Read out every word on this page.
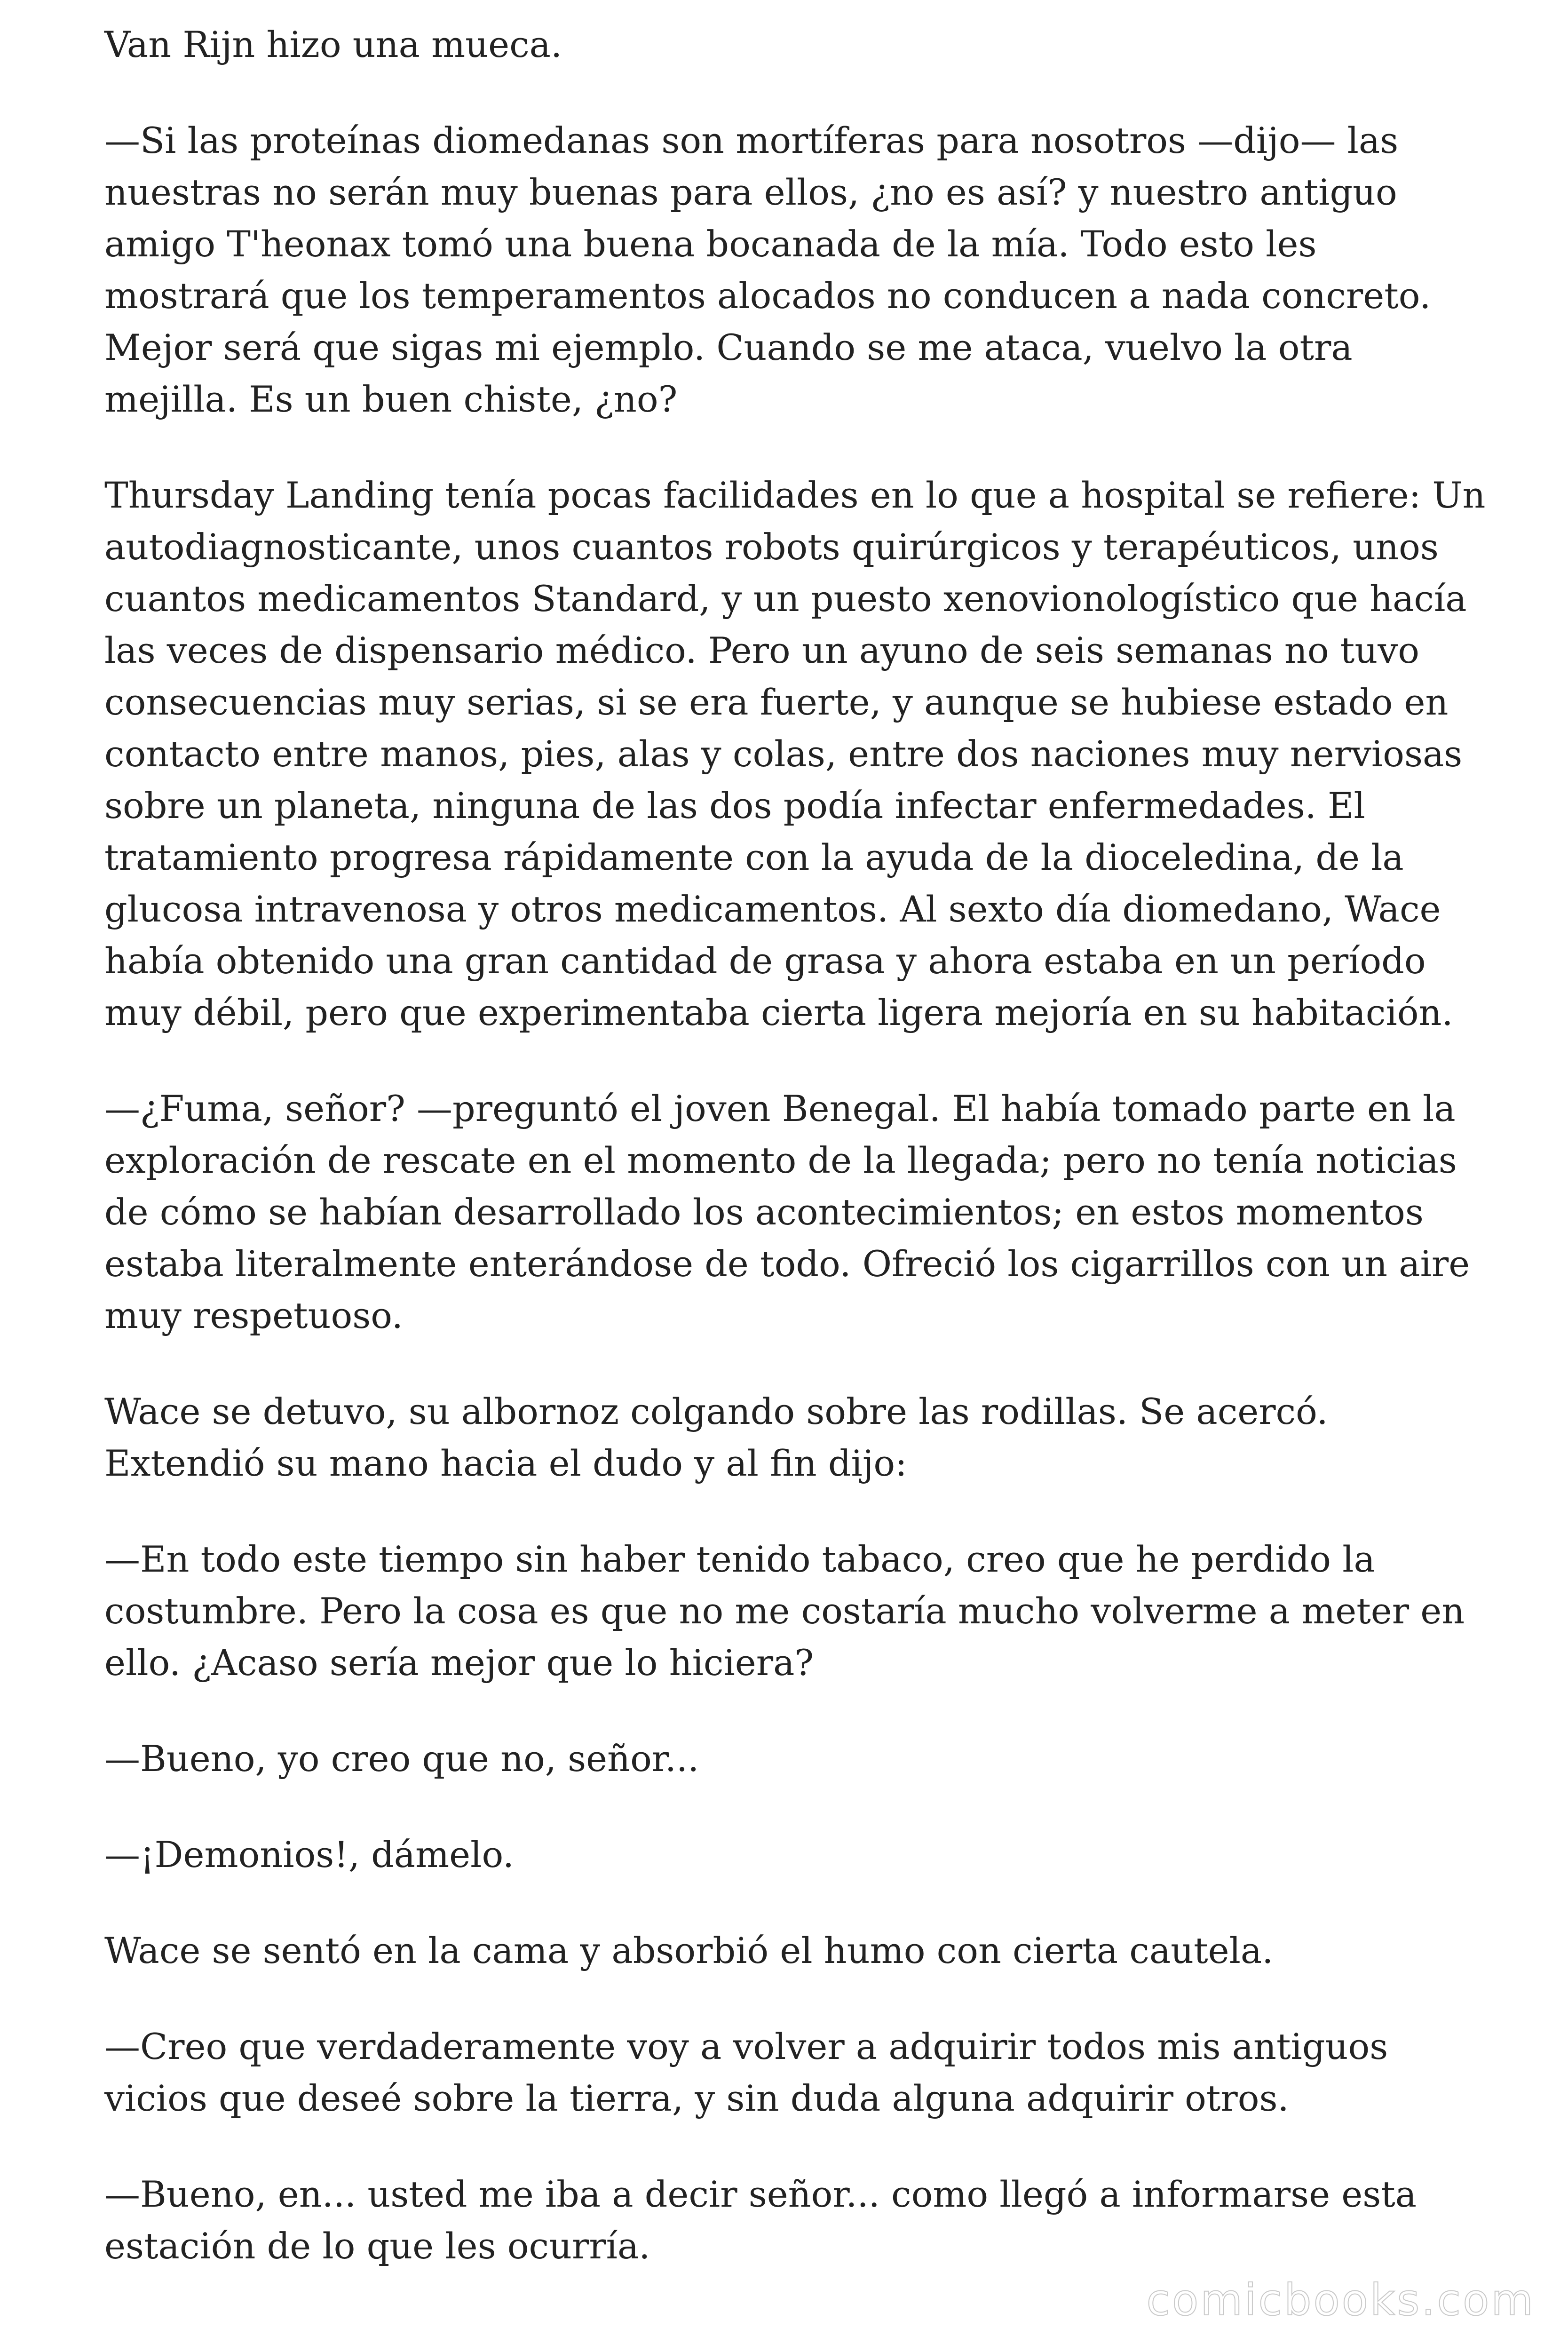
Van Rijn hizo una mueca.

—Si las proteínas diomedanas son mortíferas para nosotros —dijo— las nuestras no serán muy buenas para ellos, ¿no es así? y nuestro antiguo amigo T'heonax tomó una buena bocanada de la mía. Todo esto les mostrará que los temperamentos alocados no conducen a nada concreto. Mejor será que sigas mi ejemplo. Cuando se me ataca, vuelvo la otra mejilla. Es un buen chiste, ¿no?

Thursday Landing tenía pocas facilidades en lo que a hospital se refiere: Un autodiagnosticante, unos cuantos robots quirúrgicos y terapéuticos, unos cuantos medicamentos Standard, y un puesto xenovionologístico que hacía las veces de dispensario médico. Pero un ayuno de seis semanas no tuvo consecuencias muy serias, si se era fuerte, y aunque se hubiese estado en contacto entre manos, pies, alas y colas, entre dos naciones muy nerviosas sobre un planeta, ninguna de las dos podía infectar enfermedades. El tratamiento progresa rápidamente con la ayuda de la dioceledina, de la glucosa intravenosa y otros medicamentos. Al sexto día diomedano, Wace había obtenido una gran cantidad de grasa y ahora estaba en un período muy débil, pero que experimentaba cierta ligera mejoría en su habitación.

—¿Fuma, señor? —preguntó el joven Benegal. El había tomado parte en la exploración de rescate en el momento de la llegada; pero no tenía noticias de cómo se habían desarrollado los acontecimientos; en estos momentos estaba literalmente enterándose de todo. Ofreció los cigarrillos con un aire muy respetuoso.

Wace se detuvo, su albornoz colgando sobre las rodillas. Se acercó. Extendió su mano hacia el dudo y al fin dijo:

—En todo este tiempo sin haber tenido tabaco, creo que he perdido la costumbre. Pero la cosa es que no me costaría mucho volverme a meter en ello. ¿Acaso sería mejor que lo hiciera?

—Bueno, yo creo que no, señor...

—¡Demonios!, dámelo.

Wace se sentó en la cama y absorbió el humo con cierta cautela.

—Creo que verdaderamente voy a volver a adquirir todos mis antiguos vicios que deseé sobre la tierra, y sin duda alguna adquirir otros.

—Bueno, en... usted me iba a decir señor... como llegó a informarse esta estación de lo que les ocurría.

comicbooks.com
